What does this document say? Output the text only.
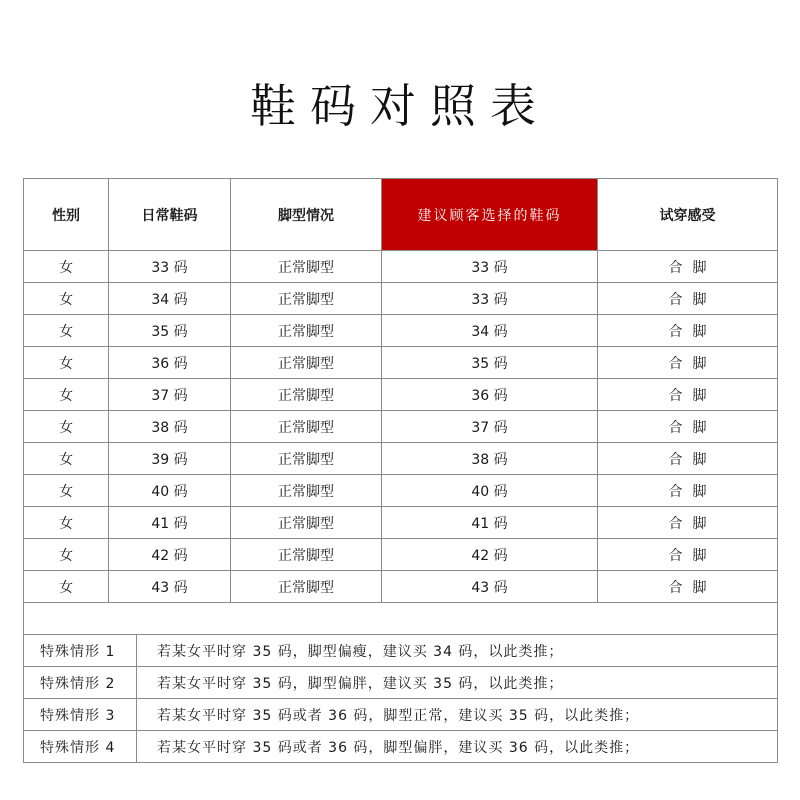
鞋码对照表
性别	日常鞋码	脚型情况	建议顾客选择的鞋码	试穿感受
女	33 码	正常脚型	33 码	合脚
女	34 码	正常脚型	33 码	合脚
女	35 码	正常脚型	34 码	合脚
女	36 码	正常脚型	35 码	合脚
女	37 码	正常脚型	36 码	合脚
女	38 码	正常脚型	37 码	合脚
女	39 码	正常脚型	38 码	合脚
女	40 码	正常脚型	40 码	合脚
女	41 码	正常脚型	41 码	合脚
女	42 码	正常脚型	42 码	合脚
女	43 码	正常脚型	43 码	合脚

特殊情形 1	若某女平时穿 35 码，脚型偏瘦，建议买 34 码，以此类推；
特殊情形 2	若某女平时穿 35 码，脚型偏胖，建议买 35 码，以此类推；
特殊情形 3	若某女平时穿 35 码或者 36 码，脚型正常，建议买 35 码，以此类推；
特殊情形 4	若某女平时穿 35 码或者 36 码，脚型偏胖，建议买 36 码，以此类推；
